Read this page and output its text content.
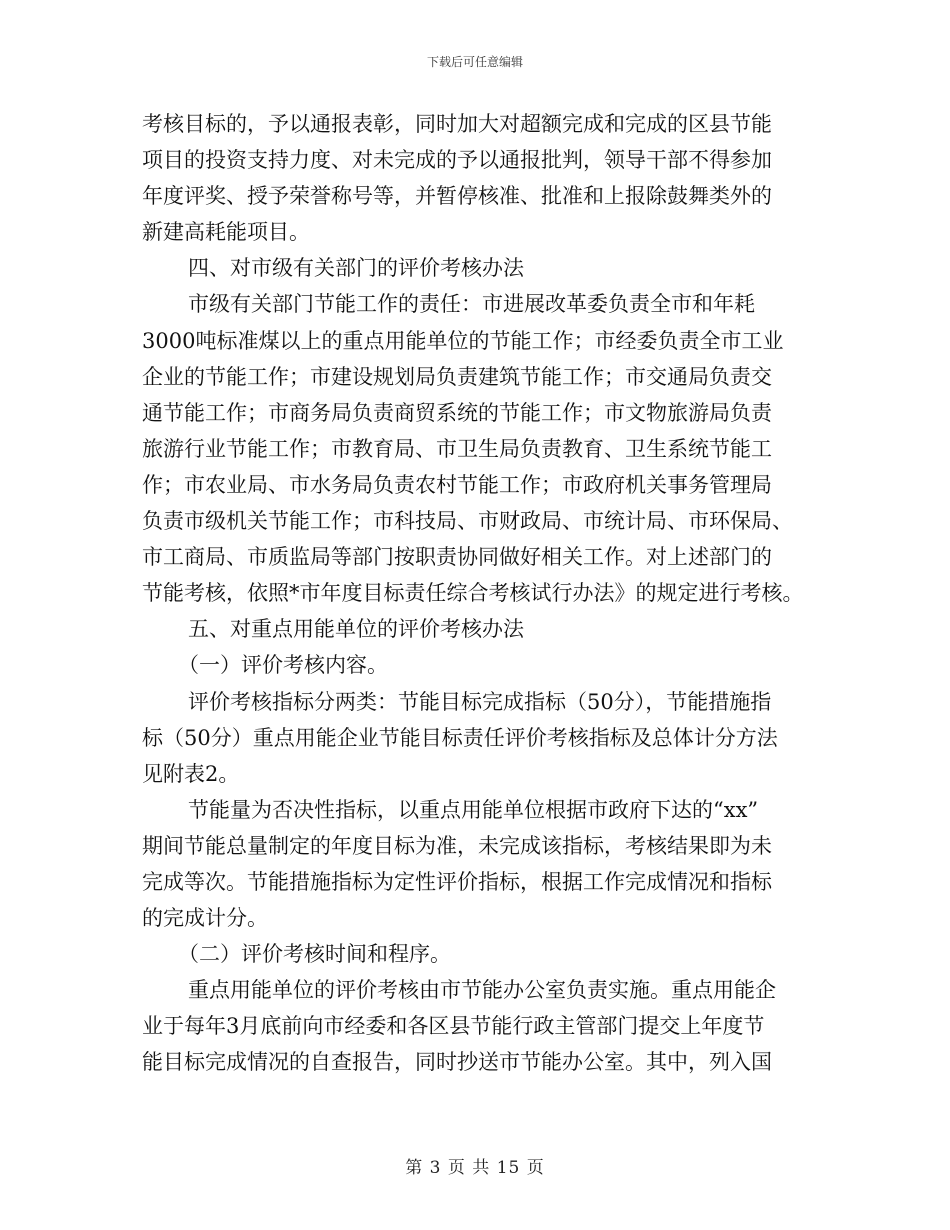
下载后可任意编辑
考核目标的，予以通报表彰，同时加大对超额完成和完成的区县节能
项目的投资支持力度、对未完成的予以通报批判，领导干部不得参加
年度评奖、授予荣誉称号等，并暂停核准、批准和上报除鼓舞类外的
新建高耗能项目。
四、对市级有关部门的评价考核办法
市级有关部门节能工作的责任：市进展改革委负责全市和年耗
3000吨标准煤以上的重点用能单位的节能工作；市经委负责全市工业
企业的节能工作；市建设规划局负责建筑节能工作；市交通局负责交
通节能工作；市商务局负责商贸系统的节能工作；市文物旅游局负责
旅游行业节能工作；市教育局、市卫生局负责教育、卫生系统节能工
作；市农业局、市水务局负责农村节能工作；市政府机关事务管理局
负责市级机关节能工作；市科技局、市财政局、市统计局、市环保局、
市工商局、市质监局等部门按职责协同做好相关工作。对上述部门的
节能考核，依照*市年度目标责任综合考核试行办法》的规定进行考核。
五、对重点用能单位的评价考核办法
（一）评价考核内容。
评价考核指标分两类：节能目标完成指标（50分），节能措施指
标（50分）重点用能企业节能目标责任评价考核指标及总体计分方法
见附表2。
节能量为否决性指标，以重点用能单位根据市政府下达的“xx”
期间节能总量制定的年度目标为准，未完成该指标，考核结果即为未
完成等次。节能措施指标为定性评价指标，根据工作完成情况和指标
的完成计分。
（二）评价考核时间和程序。
重点用能单位的评价考核由市节能办公室负责实施。重点用能企
业于每年3月底前向市经委和各区县节能行政主管部门提交上年度节
能目标完成情况的自查报告，同时抄送市节能办公室。其中，列入国
第 3 页 共 15 页
